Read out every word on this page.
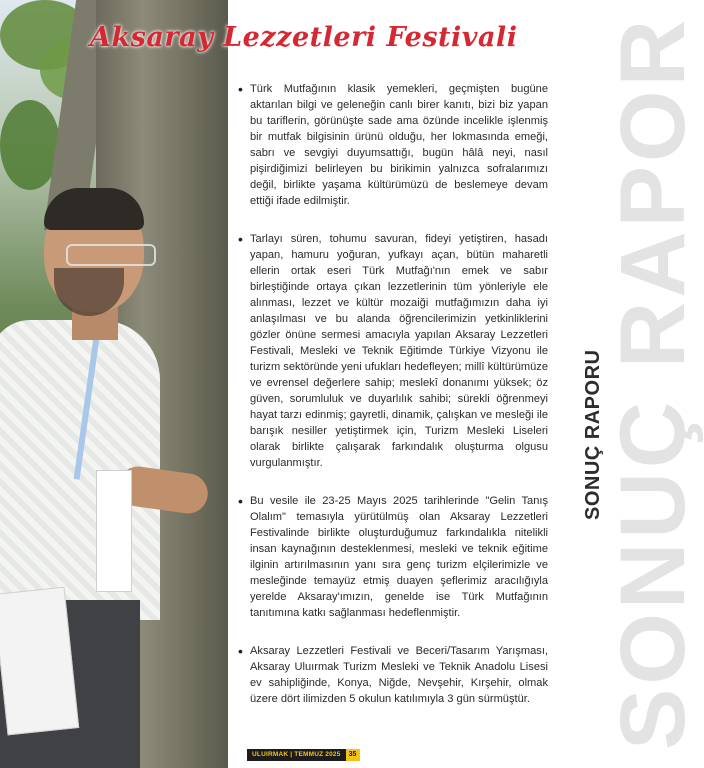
Aksaray Lezzetleri Festivali SONUÇ RAPOR
SONUÇ RAPORU
• Türk Mutfağının klasik yemekleri, geçmişten bugüne aktarılan bilgi ve geleneğin canlı birer kanıtı, bizi biz yapan bu tariflerin, görünüşte sade ama özünde incelikle işlenmiş bir mutfak bilgisinin ürünü olduğu, her lokmasında emeği, sabrı ve sevgiyi duyumsattığı, bugün hâlâ neyi, nasıl pişirdiğimizi belirleyen bu birikimin yalnızca sofralarımızı değil, birlikte yaşama kültürümüzü de beslemeye devam ettiği ifade edilmiştir.

• Tarlayı süren, tohumu savuran, fideyi yetiştiren, hasadı yapan, hamuru yoğuran, yufkayı açan, bütün maharetli ellerin ortak eseri Türk Mutfağı'nın emek ve sabır birleştiğinde ortaya çıkan lezzetlerinin tüm yönleriyle ele alınması, lezzet ve kültür mozaiği mutfağımızın daha iyi anlaşılması ve bu alanda öğrencilerimizin yetkinliklerini gözler önüne sermesi amacıyla yapılan Aksaray Lezzetleri Festivali, Mesleki ve Teknik Eğitimde Türkiye Vizyonu ile turizm sektöründe yeni ufukları hedefleyen; millî kültürümüze ve evrensel değerlere sahip; meslekî donanımı yüksek; öz güven, sorumluluk ve duyarlılık sahibi; sürekli öğrenmeyi hayat tarzı edinmiş; gayretli, dinamik, çalışkan ve mesleği ile barışık nesiller yetiştirmek için, Turizm Mesleki Liseleri olarak birlikte çalışarak farkındalık oluşturma olgusu vurgulanmıştır.

• Bu vesile ile 23-25 Mayıs 2025 tarihlerinde "Gelin Tanış Olalım" temasıyla yürütülmüş olan Aksaray Lezzetleri Festivalinde birlikte oluşturduğumuz farkındalıkla nitelikli insan kaynağının desteklenmesi, mesleki ve teknik eğitime ilginin artırılmasının yanı sıra genç turizm elçilerimizle ve mesleğinde temayüz etmiş duayen şeflerimiz aracılığıyla yerelde Aksaray'ımızın, genelde ise Türk Mutfağının tanıtımına katkı sağlanması hedeflenmiştir.

• Aksaray Lezzetleri Festivali ve Beceri/Tasarım Yarışması, Aksaray Uluırmak Turizm Mesleki ve Teknik Anadolu Lisesi ev sahipliğinde, Konya, Niğde, Nevşehir, Kırşehir, olmak üzere dört ilimizden 5 okulun katılımıyla 3 gün sürmüştür.

ULUIRMAK | TEMMUZ 2025	35
